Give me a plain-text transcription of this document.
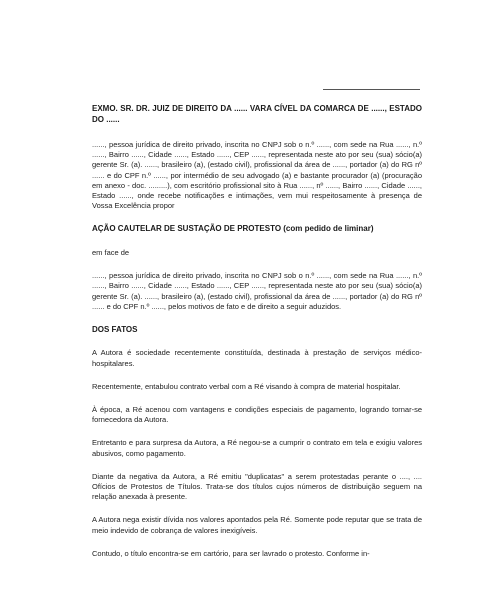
EXMO. SR. DR. JUIZ DE DIREITO DA ...... VARA CÍVEL DA COMARCA DE ......, ESTADO DO ......

......, pessoa jurídica de direito privado, inscrita no CNPJ sob o n.º ......, com sede na Rua ......, n.º ......, Bairro ......, Cidade ......, Estado ......, CEP ......, representada neste ato por seu (sua) sócio(a) gerente Sr. (a). ......, brasileiro (a), (estado civil), profissional da área de ......, portador (a) do RG nº ...... e do CPF n.º ......, por intermédio de seu advogado (a) e bastante procurador (a) (procuração em anexo - doc. .........), com escritório profissional sito à Rua ......, nº ......, Bairro ......, Cidade ......, Estado ......, onde recebe notificações e intimações, vem mui respeitosamente à presença de Vossa Excelência propor

AÇÃO CAUTELAR DE SUSTAÇÃO DE PROTESTO (com pedido de liminar)

em face de

......, pessoa jurídica de direito privado, inscrita no CNPJ sob o n.º ......, com sede na Rua ......, n.º ......, Bairro ......, Cidade ......, Estado ......, CEP ......, representada neste ato por seu (sua) sócio(a) gerente Sr. (a). ......, brasileiro (a), (estado civil), profissional da área de ......, portador (a) do RG nº ...... e do CPF n.º ......, pelos motivos de fato e de direito a seguir aduzidos.

DOS FATOS

A Autora é sociedade recentemente constituída, destinada à prestação de serviços médico-hospitalares.

Recentemente, entabulou contrato verbal com a Ré visando à compra de material hospitalar.

À época, a Ré acenou com vantagens e condições especiais de pagamento, logrando tornar-se fornecedora da Autora.

Entretanto e para surpresa da Autora, a Ré negou-se a cumprir o contrato em tela e exigiu valores abusivos, como pagamento.

Diante da negativa da Autora, a Ré emitiu "duplicatas" a serem protestadas perante o ...., .... Ofícios de Protestos de Títulos. Trata-se dos títulos cujos números de distribuição seguem na relação anexada à presente.

A Autora nega existir dívida nos valores apontados pela Ré. Somente pode reputar que se trata de meio indevido de cobrança de valores inexigíveis.

Contudo, o título encontra-se em cartório, para ser lavrado o protesto. Conforme in-
